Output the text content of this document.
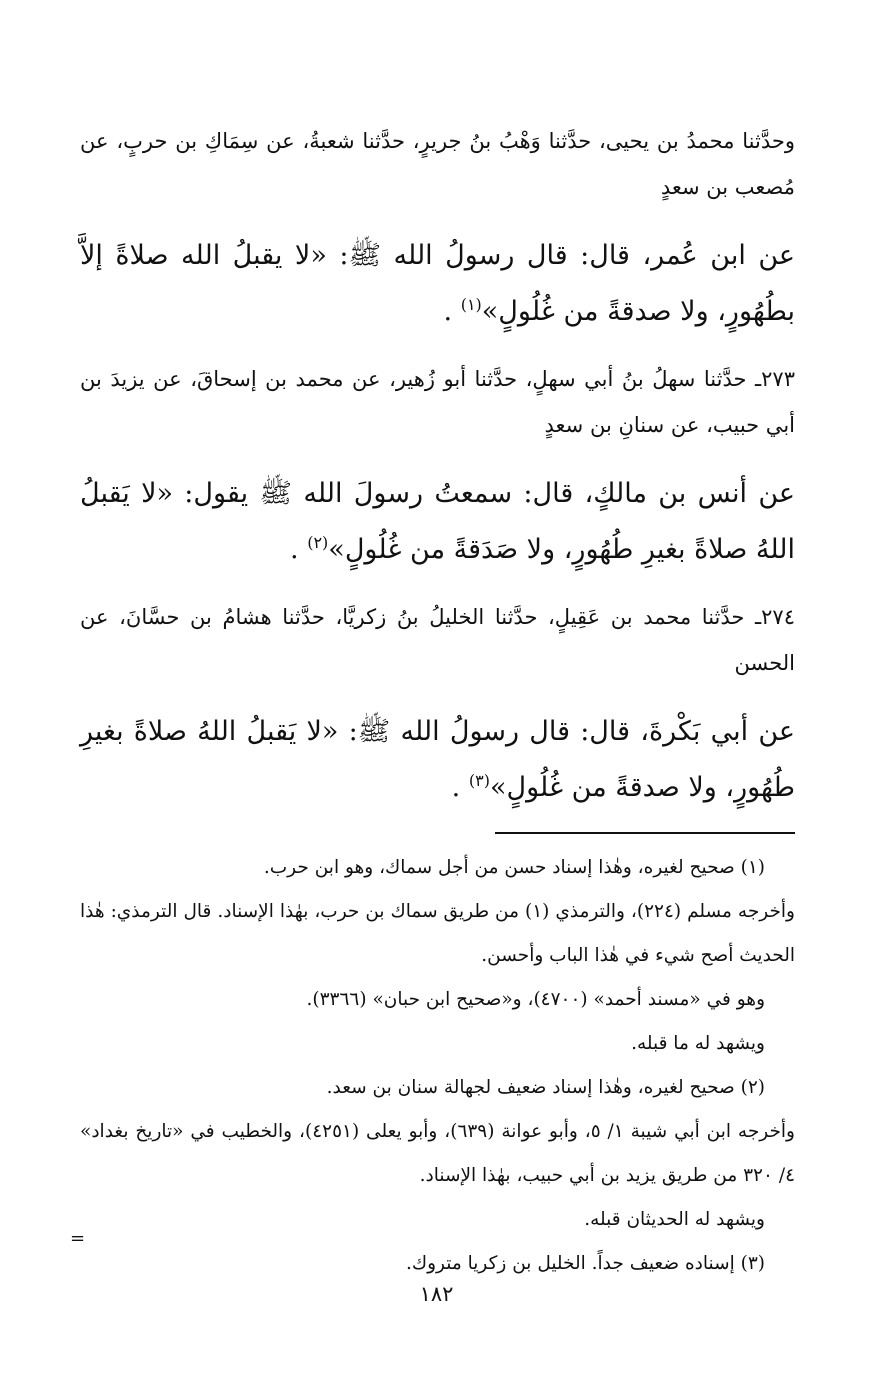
وحدَّثنا محمدُ بن يحيى، حدَّثنا وَهْبُ بنُ جريرٍ، حدَّثنا شعبةُ، عن سِمَاكِ بن حربٍ، عن مُصعب بن سعدٍ

عن ابن عُمر، قال: قال رسولُ الله ﷺ: «لا يقبلُ الله صلاةً إلاَّ بطُهُورٍ، ولا صدقةً من غُلُولٍ»$^{(١)}$ .

٢٧٣ـ حدَّثنا سهلُ بنُ أبي سهلٍ، حدَّثنا أبو زُهير، عن محمد بن إسحاقَ، عن يزيدَ بن أبي حبيب، عن سنانِ بن سعدٍ

عن أنس بن مالكٍ، قال: سمعتُ رسولَ الله ﷺ يقول: «لا يَقبلُ اللهُ صلاةً بغيرِ طُهُورٍ، ولا صَدَقةً من غُلُولٍ»$^{(٢)}$ .

٢٧٤ـ حدَّثنا محمد بن عَقِيلٍ، حدَّثنا الخليلُ بنُ زكريَّا، حدَّثنا هشامُ بن حسَّانَ، عن الحسن

عن أبي بَكْرةَ، قال: قال رسولُ الله ﷺ: «لا يَقبلُ اللهُ صلاةً بغيرِ طُهُورٍ، ولا صدقةً من غُلُولٍ»$^{(٣)}$ .

(١) صحيح لغيره، وهٰذا إسناد حسن من أجل سماك، وهو ابن حرب.

وأخرجه مسلم (٢٢٤)، والترمذي (١) من طريق سماك بن حرب، بهٰذا الإسناد. قال الترمذي: هٰذا الحديث أصح شيء في هٰذا الباب وأحسن.

وهو في «مسند أحمد» (٤٧٠٠)، و«صحيح ابن حبان» (٣٣٦٦).

ويشهد له ما قبله.

(٢) صحيح لغيره، وهٰذا إسناد ضعيف لجهالة سنان بن سعد.

وأخرجه ابن أبي شيبة ١/ ٥، وأبو عوانة (٦٣٩)، وأبو يعلى (٤٢٥١)، والخطيب في «تاريخ بغداد» ٤/ ٣٢٠ من طريق يزيد بن أبي حبيب، بهٰذا الإسناد.

ويشهد له الحديثان قبله.

(٣) إسناده ضعيف جداً. الخليل بن زكريا متروك.

=
١٨٢
